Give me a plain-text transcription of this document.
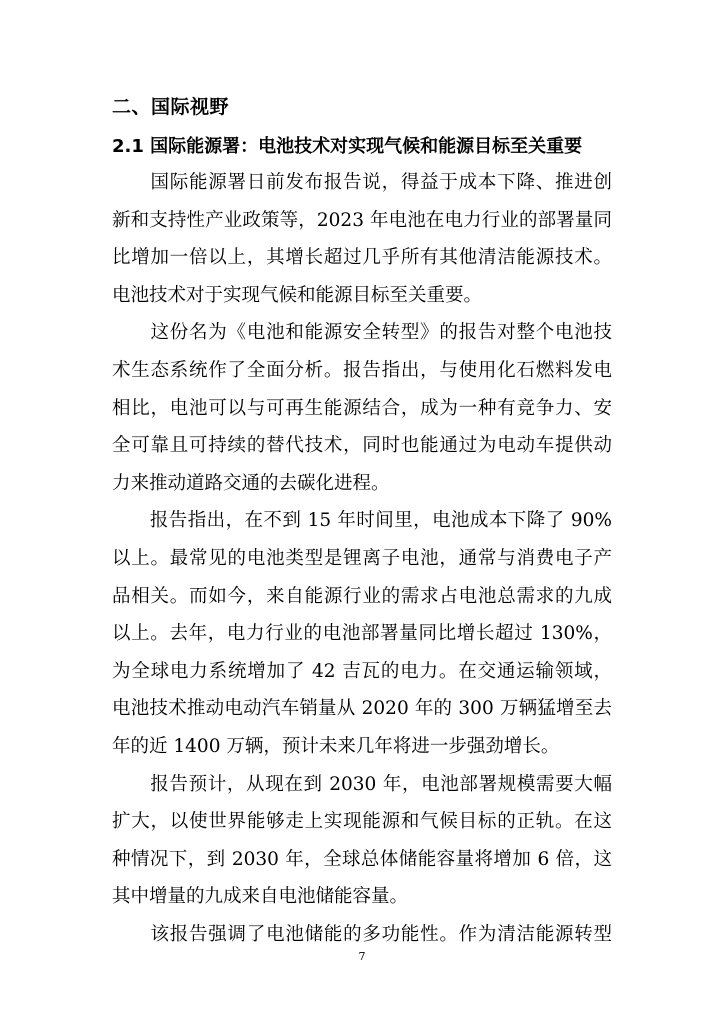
二、国际视野
2.1 国际能源署：电池技术对实现气候和能源目标至关重要
　　国际能源署日前发布报告说，得益于成本下降、推进创
新和支持性产业政策等，2023 年电池在电力行业的部署量同
比增加一倍以上，其增长超过几乎所有其他清洁能源技术。
电池技术对于实现气候和能源目标至关重要。
　　这份名为《电池和能源安全转型》的报告对整个电池技
术生态系统作了全面分析。报告指出，与使用化石燃料发电
相比，电池可以与可再生能源结合，成为一种有竞争力、安
全可靠且可持续的替代技术，同时也能通过为电动车提供动
力来推动道路交通的去碳化进程。
　　报告指出，在不到 15 年时间里，电池成本下降了 90%
以上。最常见的电池类型是锂离子电池，通常与消费电子产
品相关。而如今，来自能源行业的需求占电池总需求的九成
以上。去年，电力行业的电池部署量同比增长超过 130%，
为全球电力系统增加了 42 吉瓦的电力。在交通运输领域，
电池技术推动电动汽车销量从 2020 年的 300 万辆猛增至去
年的近 1400 万辆，预计未来几年将进一步强劲增长。
　　报告预计，从现在到 2030 年，电池部署规模需要大幅
扩大，以使世界能够走上实现能源和气候目标的正轨。在这
种情况下，到 2030 年，全球总体储能容量将增加 6 倍，这
其中增量的九成来自电池储能容量。
　　该报告强调了电池储能的多功能性。作为清洁能源转型
7
